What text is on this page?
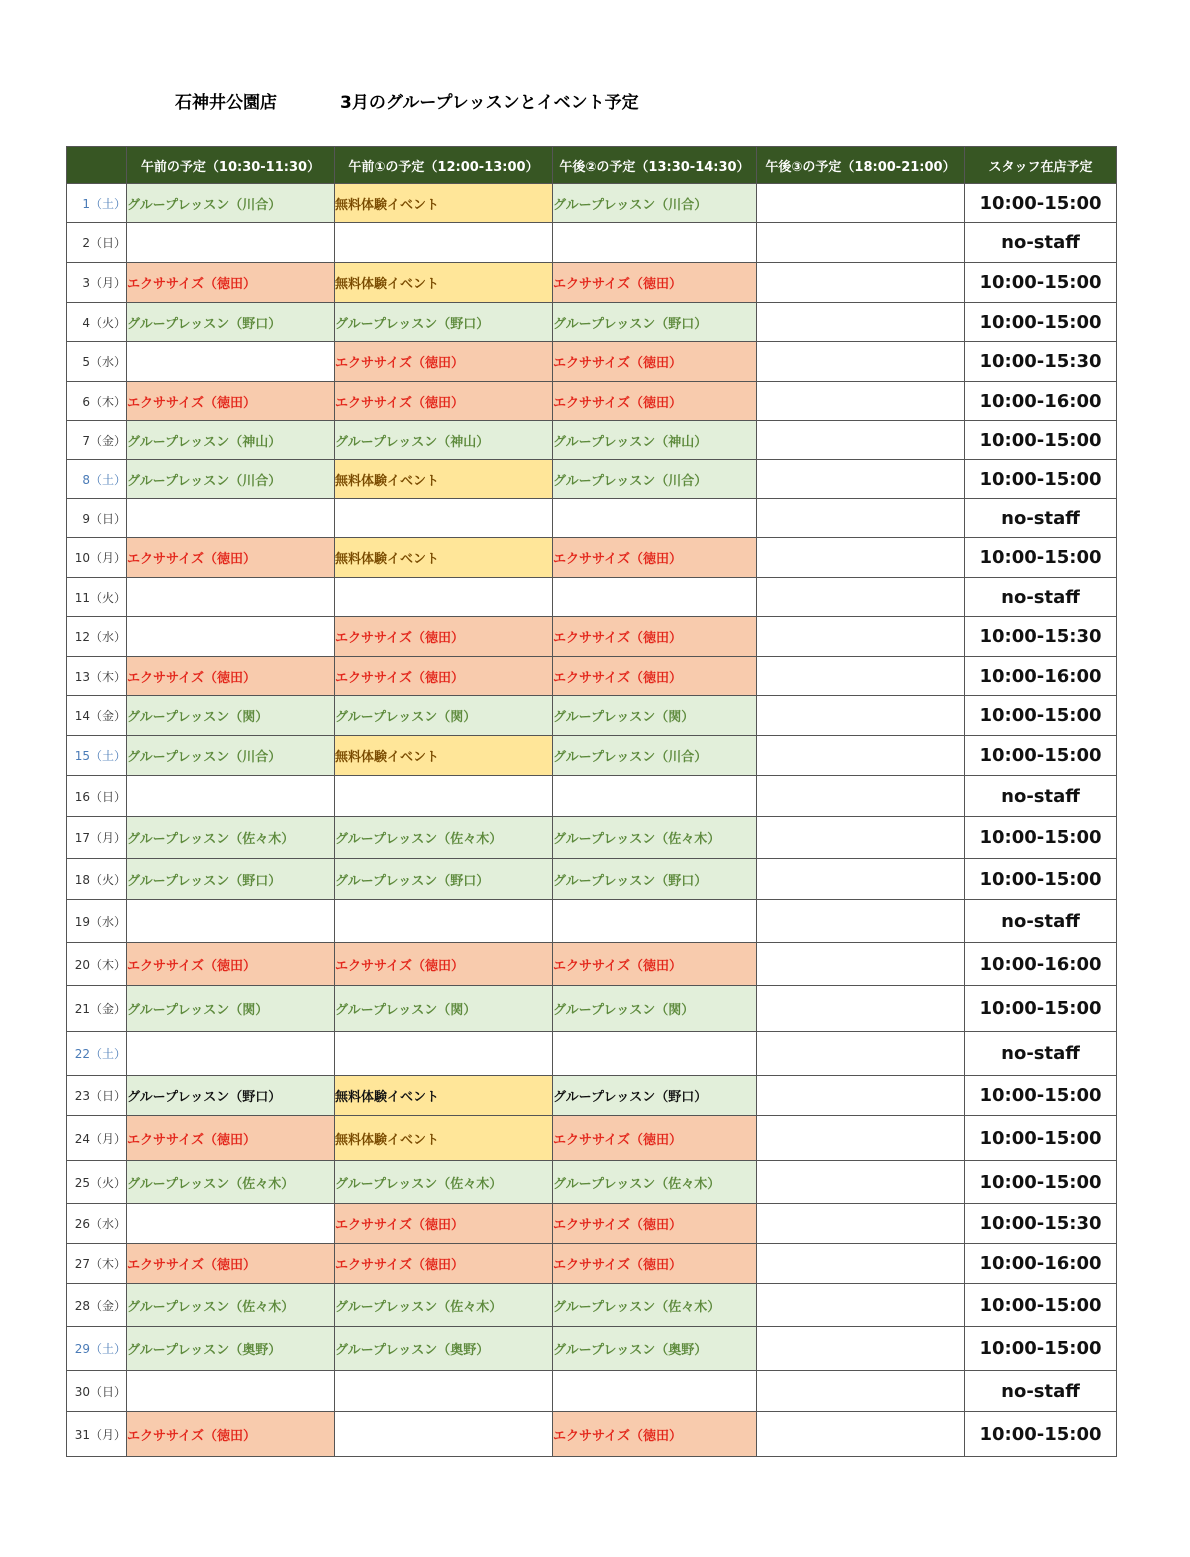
石神井公園店	3月のグループレッスンとイベント予定
	午前の予定（10:30-11:30）	午前①の予定（12:00-13:00）	午後②の予定（13:30-14:30）	午後③の予定（18:00-21:00）	スタッフ在店予定
1（土）	グループレッスン（川合）	無料体験イベント	グループレッスン（川合）		10:00-15:00
2（日）					no-staff
3（月）	エクササイズ（徳田）	無料体験イベント	エクササイズ（徳田）		10:00-15:00
4（火）	グループレッスン（野口）	グループレッスン（野口）	グループレッスン（野口）		10:00-15:00
5（水）		エクササイズ（徳田）	エクササイズ（徳田）		10:00-15:30
6（木）	エクササイズ（徳田）	エクササイズ（徳田）	エクササイズ（徳田）		10:00-16:00
7（金）	グループレッスン（神山）	グループレッスン（神山）	グループレッスン（神山）		10:00-15:00
8（土）	グループレッスン（川合）	無料体験イベント	グループレッスン（川合）		10:00-15:00
9（日）					no-staff
10（月）	エクササイズ（徳田）	無料体験イベント	エクササイズ（徳田）		10:00-15:00
11（火）					no-staff
12（水）		エクササイズ（徳田）	エクササイズ（徳田）		10:00-15:30
13（木）	エクササイズ（徳田）	エクササイズ（徳田）	エクササイズ（徳田）		10:00-16:00
14（金）	グループレッスン（関）	グループレッスン（関）	グループレッスン（関）		10:00-15:00
15（土）	グループレッスン（川合）	無料体験イベント	グループレッスン（川合）		10:00-15:00
16（日）					no-staff
17（月）	グループレッスン（佐々木）	グループレッスン（佐々木）	グループレッスン（佐々木）		10:00-15:00
18（火）	グループレッスン（野口）	グループレッスン（野口）	グループレッスン（野口）		10:00-15:00
19（水）					no-staff
20（木）	エクササイズ（徳田）	エクササイズ（徳田）	エクササイズ（徳田）		10:00-16:00
21（金）	グループレッスン（関）	グループレッスン（関）	グループレッスン（関）		10:00-15:00
22（土）					no-staff
23（日）	グループレッスン（野口）	無料体験イベント	グループレッスン（野口）		10:00-15:00
24（月）	エクササイズ（徳田）	無料体験イベント	エクササイズ（徳田）		10:00-15:00
25（火）	グループレッスン（佐々木）	グループレッスン（佐々木）	グループレッスン（佐々木）		10:00-15:00
26（水）		エクササイズ（徳田）	エクササイズ（徳田）		10:00-15:30
27（木）	エクササイズ（徳田）	エクササイズ（徳田）	エクササイズ（徳田）		10:00-16:00
28（金）	グループレッスン（佐々木）	グループレッスン（佐々木）	グループレッスン（佐々木）		10:00-15:00
29（土）	グループレッスン（奥野）	グループレッスン（奥野）	グループレッスン（奥野）		10:00-15:00
30（日）					no-staff
31（月）	エクササイズ（徳田）		エクササイズ（徳田）		10:00-15:00
